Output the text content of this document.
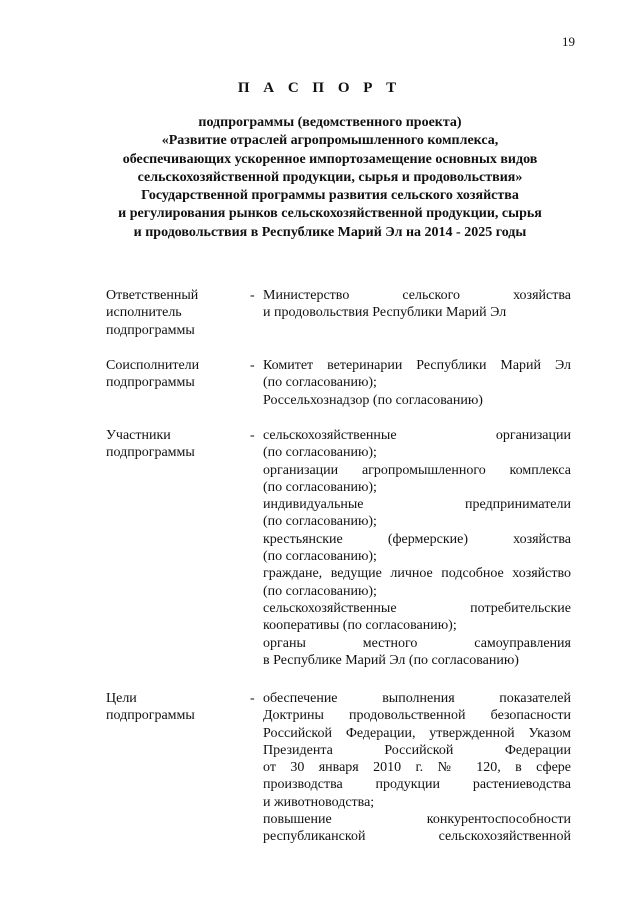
19
П А С П О Р Т
подпрограммы (ведомственного проекта)
«Развитие отраслей агропромышленного комплекса,
обеспечивающих ускоренное импортозамещение основных видов
сельскохозяйственной продукции, сырья и продовольствия»
Государственной программы развития сельского хозяйства
и регулирования рынков сельскохозяйственной продукции, сырья
и продовольствия в Республике Марий Эл на 2014 - 2025 годы
Ответственный
исполнитель
подпрограммы
- Министерство сельского хозяйства
и продовольствия Республики Марий Эл
Соисполнители
подпрограммы
- Комитет ветеринарии Республики Марий Эл
(по согласованию);
Россельхознадзор (по согласованию)
Участники
подпрограммы
- сельскохозяйственные организации
(по согласованию);
организации агропромышленного комплекса
(по согласованию);
индивидуальные предприниматели
(по согласованию);
крестьянские (фермерские) хозяйства
(по согласованию);
граждане, ведущие личное подсобное хозяйство
(по согласованию);
сельскохозяйственные потребительские
кооперативы (по согласованию);
органы местного самоуправления
в Республике Марий Эл (по согласованию)
Цели
подпрограммы
- обеспечение выполнения показателей
Доктрины продовольственной безопасности
Российской Федерации, утвержденной Указом
Президента Российской Федерации
от 30 января 2010 г. № 120, в сфере
производства продукции растениеводства
и животноводства;
повышение конкурентоспособности
республиканской сельскохозяйственной
